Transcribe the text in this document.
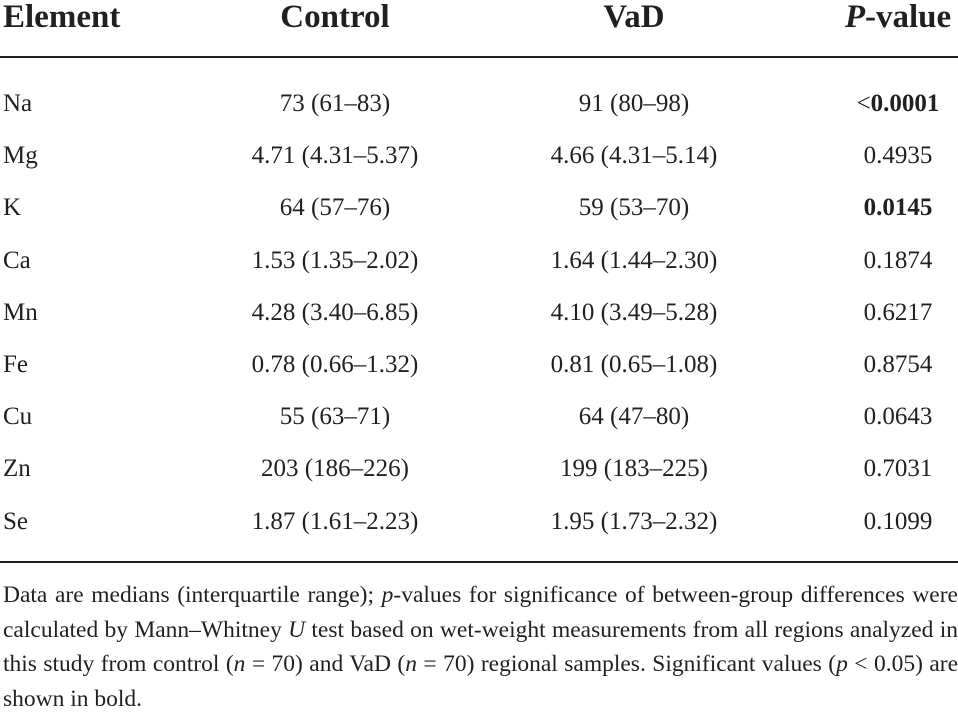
Element	Control	VaD	P-value
Na	73 (61–83)	91 (80–98)	<0.0001
Mg	4.71 (4.31–5.37)	4.66 (4.31–5.14)	0.4935
K	64 (57–76)	59 (53–70)	0.0145
Ca	1.53 (1.35–2.02)	1.64 (1.44–2.30)	0.1874
Mn	4.28 (3.40–6.85)	4.10 (3.49–5.28)	0.6217
Fe	0.78 (0.66–1.32)	0.81 (0.65–1.08)	0.8754
Cu	55 (63–71)	64 (47–80)	0.0643
Zn	203 (186–226)	199 (183–225)	0.7031
Se	1.87 (1.61–2.23)	1.95 (1.73–2.32)	0.1099
Data are medians (interquartile range); p-values for significance of between-group differences were calculated by Mann–Whitney U test based on wet-weight measurements from all regions analyzed in this study from control (n = 70) and VaD (n = 70) regional samples. Significant values (p < 0.05) are shown in bold.
